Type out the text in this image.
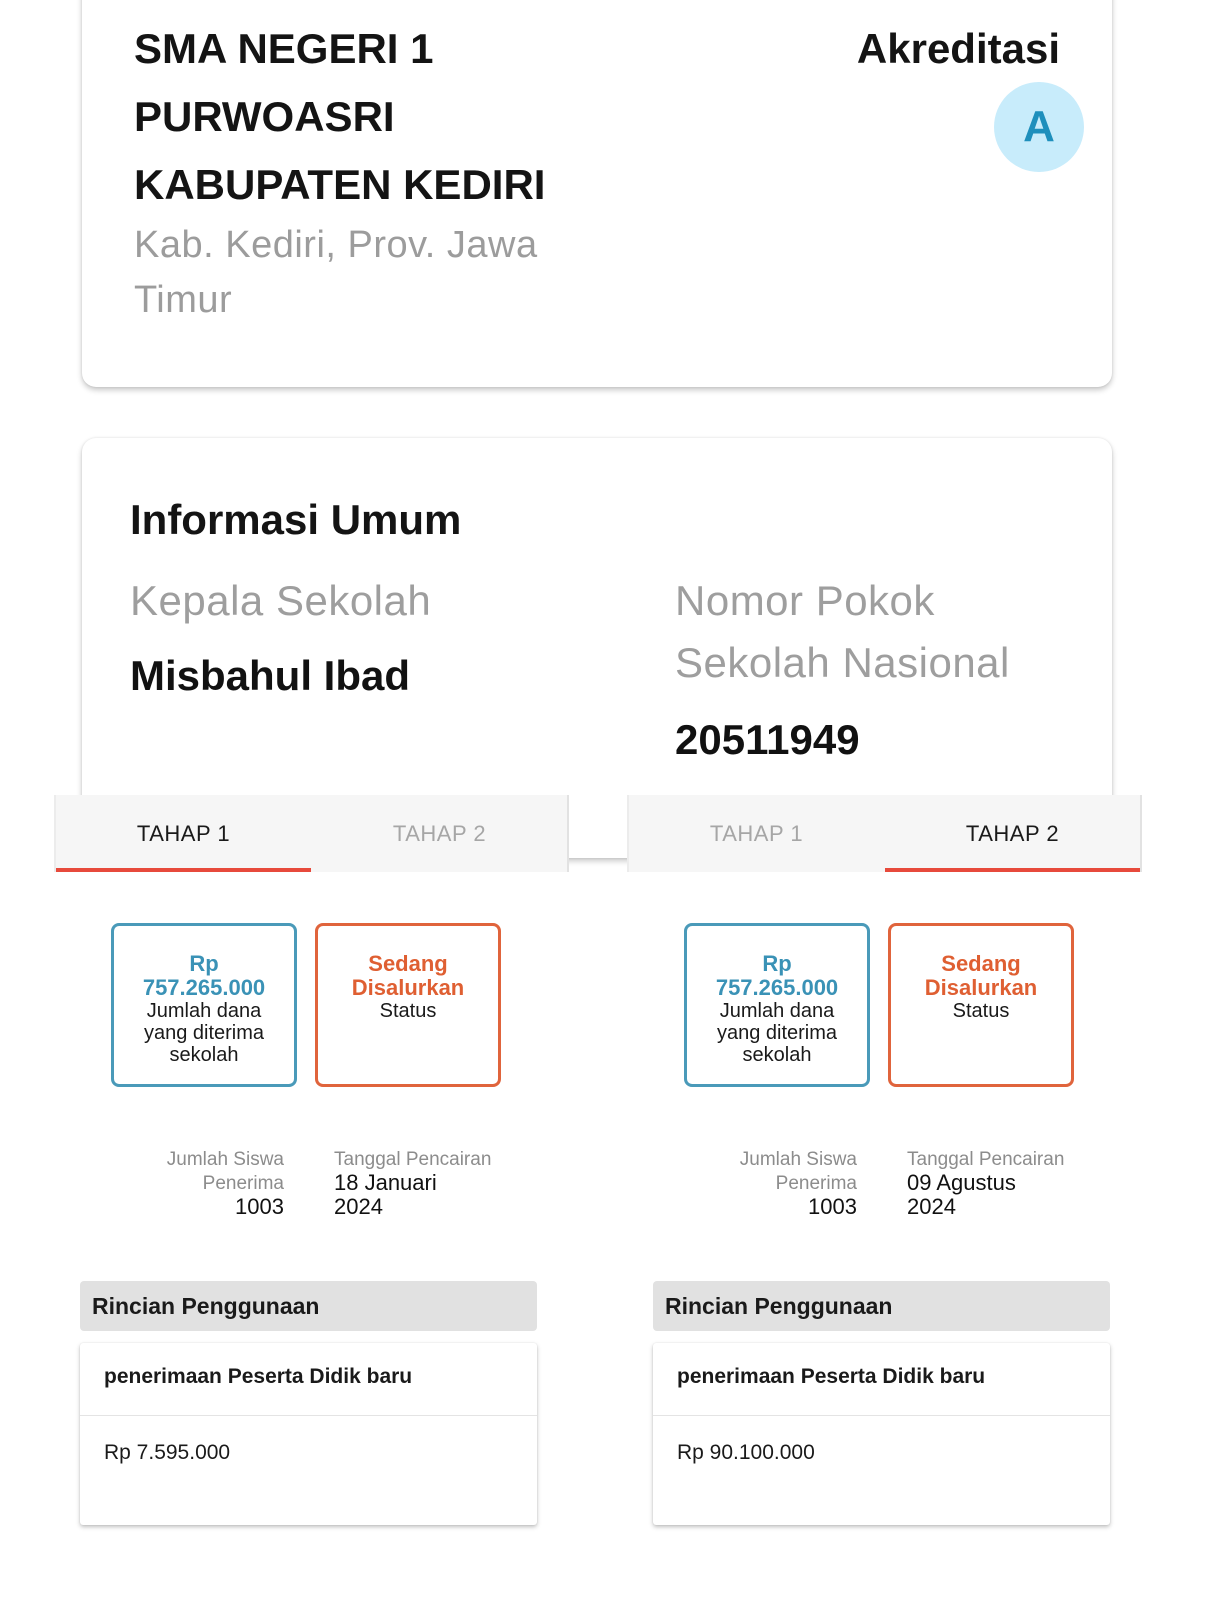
SMA NEGERI 1
PURWOASRI
KABUPATEN KEDIRI
Kab. Kediri, Prov. Jawa
Timur
Akreditasi
A
Informasi Umum
Kepala Sekolah
Misbahul Ibad
Nomor Pokok
Sekolah Nasional
20511949
TAHAP 1	TAHAP 2
Rp
757.265.000
Jumlah dana
yang diterima
sekolah
Sedang
Disalurkan
Status
Jumlah Siswa
Penerima
1003
Tanggal Pencairan
18 Januari
2024
Rincian Penggunaan
penerimaan Peserta Didik baru
Rp 7.595.000
TAHAP 1	TAHAP 2
Rp
757.265.000
Jumlah dana
yang diterima
sekolah
Sedang
Disalurkan
Status
Jumlah Siswa
Penerima
1003
Tanggal Pencairan
09 Agustus
2024
Rincian Penggunaan
penerimaan Peserta Didik baru
Rp 90.100.000
